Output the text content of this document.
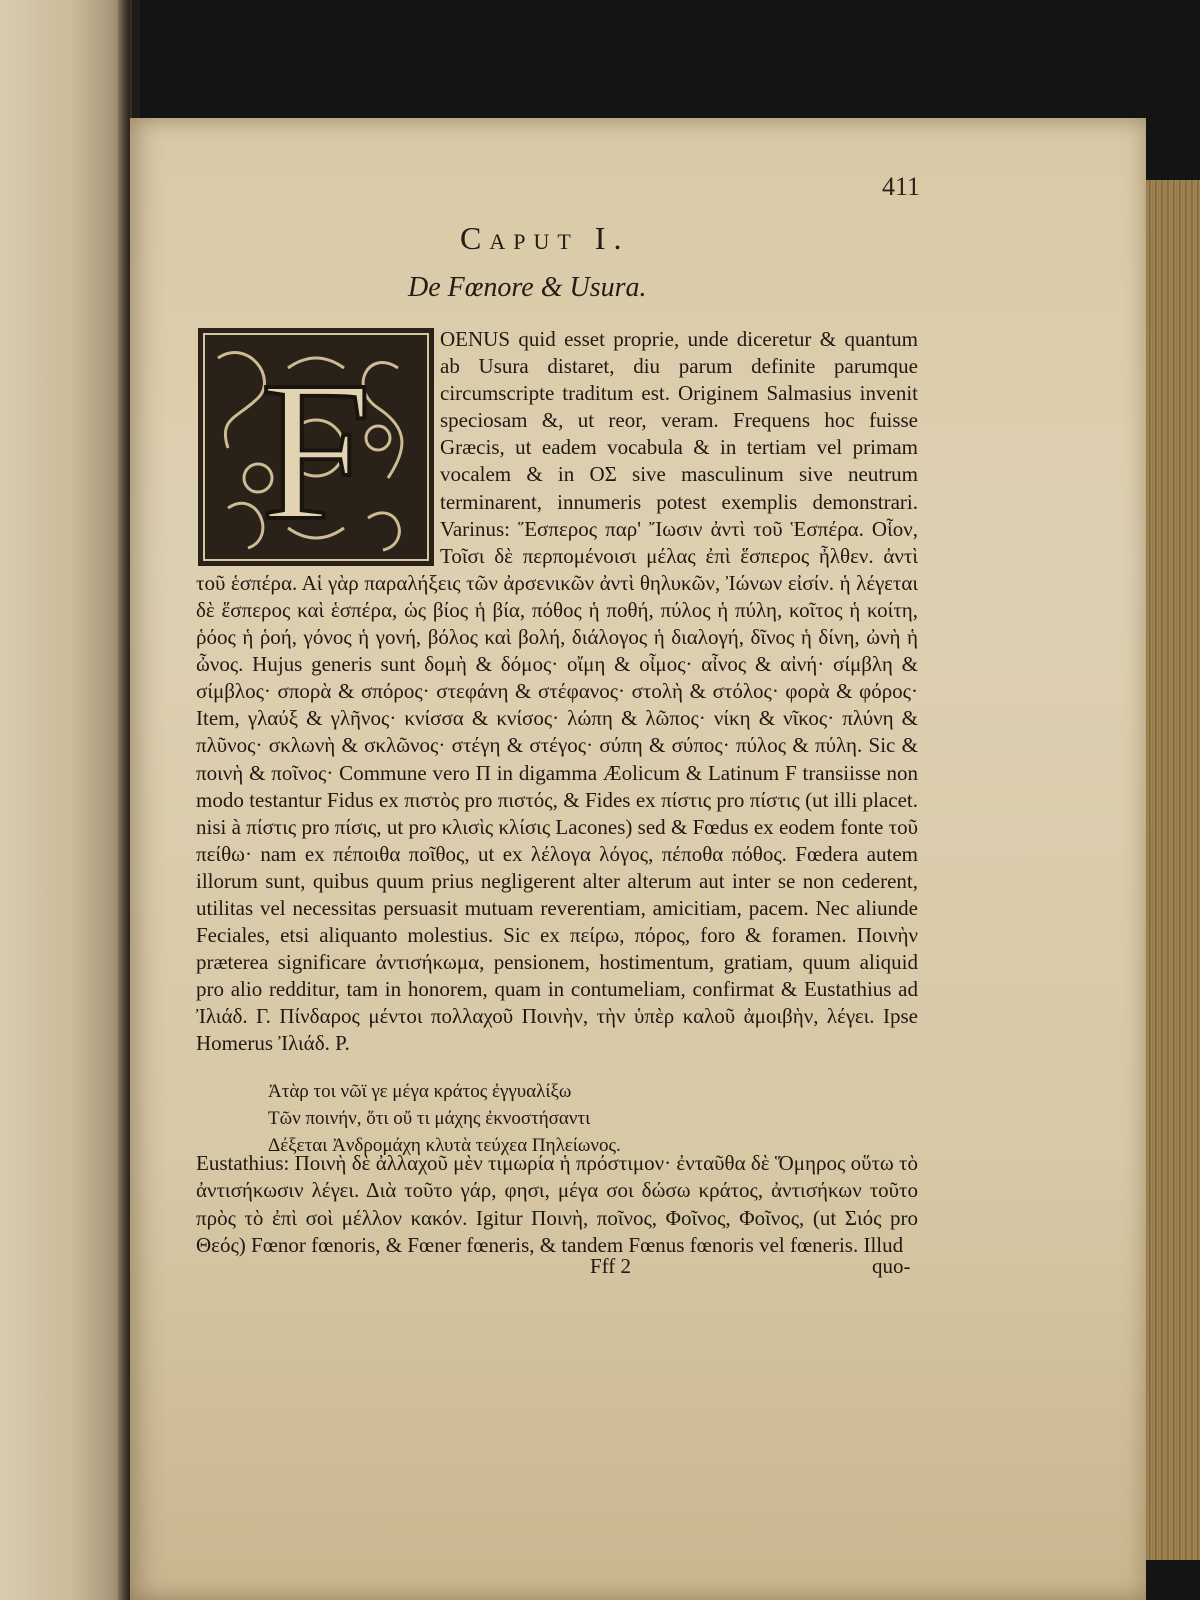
411
Caput I.
De Fœnore & Usura.

OENUS quid esset proprie, unde diceretur & quantum ab Usura distaret, diu parum definite parumque circumscripte traditum est. Originem Salmasius invenit speciosam &, ut reor, veram. Frequens hoc fuisse Græcis, ut eadem vocabula & in tertiam vel primam vocalem & in ΟΣ sive masculinum sive neutrum terminarent, innumeris potest exemplis demonstrari. Varinus: Ἕσπερος παρ' Ἴωσιν ἀντὶ τοῦ Ἑσπέρα. Οἷον, Τοῖσι δὲ περπομένοισι μέλας ἐπὶ ἕσπερος ἦλθεν. ἀντὶ τοῦ ἑσπέρα. Αἱ γὰρ παραλήξεις τῶν ἀρσενικῶν ἀντὶ θηλυκῶν, Ἰώνων εἰσίν. ἡ λέγεται δὲ ἕσπερος καὶ ἑσπέρα, ὡς βίος ἡ βία, πόθος ἡ ποθή, πύλος ἡ πύλη, κοῖτος ἡ κοίτη, ῥόος ἡ ῥοή, γόνος ἡ γονή, βόλος καὶ βολή, διάλογος ἡ διαλογή, δῖνος ἡ δίνη, ὠνὴ ἡ ὦνος. Hujus generis sunt δομὴ & δόμος· οἴμη & οἶμος· αἶνος & αἰνή· σίμβλη & σίμβλος· σπορὰ & σπόρος· στεφάνη & στέφανος· στολὴ & στόλος· φορὰ & φόρος· Item, γλαύξ & γλῆνος· κνίσσα & κνίσος· λώπη & λῶπος· νίκη & νῖκος· πλύνη & πλῦνος· σκλωνὴ & σκλῶνος· στέγη & στέγος· σύπη & σύπος· πύλος & πύλη. Sic & ποινὴ & ποῖνος· Commune vero Π in digamma Æolicum & Latinum F transiisse non modo testantur Fidus ex πιστὸς pro πιστός, & Fides ex πίστις pro πίστις (ut illi placet. nisi à πίστις pro πίσις, ut pro κλισὶς κλίσις Lacones) sed & Fœdus ex eodem fonte τοῦ πείθω· nam ex πέποιθα ποῖθος, ut ex λέλογα λόγος, πέποθα πόθος. Fœdera autem illorum sunt, quibus quum prius negligerent alter alterum aut inter se non cederent, utilitas vel necessitas persuasit mutuam reverentiam, amicitiam, pacem. Nec aliunde Feciales, etsi aliquanto molestius. Sic ex πείρω, πόρος, foro & foramen. Ποινὴν præterea significare ἀντισήκωμα, pensionem, hostimentum, gratiam, quum aliquid pro alio redditur, tam in honorem, quam in contumeliam, confirmat & Eustathius ad Ἰλιάδ. Γ. Πίνδαρος μέντοι πολλαχοῦ Ποινὴν, τὴν ὑπὲρ καλοῦ ἀμοιβὴν, λέγει. Ipse Homerus Ἰλιάδ. Ρ.

F
Ἀτὰρ τοι νῶϊ γε μέγα κράτος ἐγγυαλίξω
Τῶν ποινήν, ὅτι οὔ τι μάχης ἐκνοστήσαντι
Δέξεται Ἀνδρομάχη κλυτὰ τεύχεα Πηλείωνος.
Eustathius: Ποινὴ δὲ ἀλλαχοῦ μὲν τιμωρία ἡ πρόστιμον· ἐνταῦθα δὲ Ὅμηρος οὕτω τὸ ἀντισήκωσιν λέγει. Διὰ τοῦτο γάρ, φησι, μέγα σοι δώσω κράτος, ἀντισήκων τοῦτο πρὸς τὸ ἐπὶ σοὶ μέλλον κακόν. Igitur Ποινὴ, ποῖνος, Φοῖνος, Φοῖνος, (ut Σιός pro Θεός) Fœnor fœnoris, & Fœner fœneris, & tandem Fœnus fœnoris vel fœneris. Illud
Fff 2	quo-
